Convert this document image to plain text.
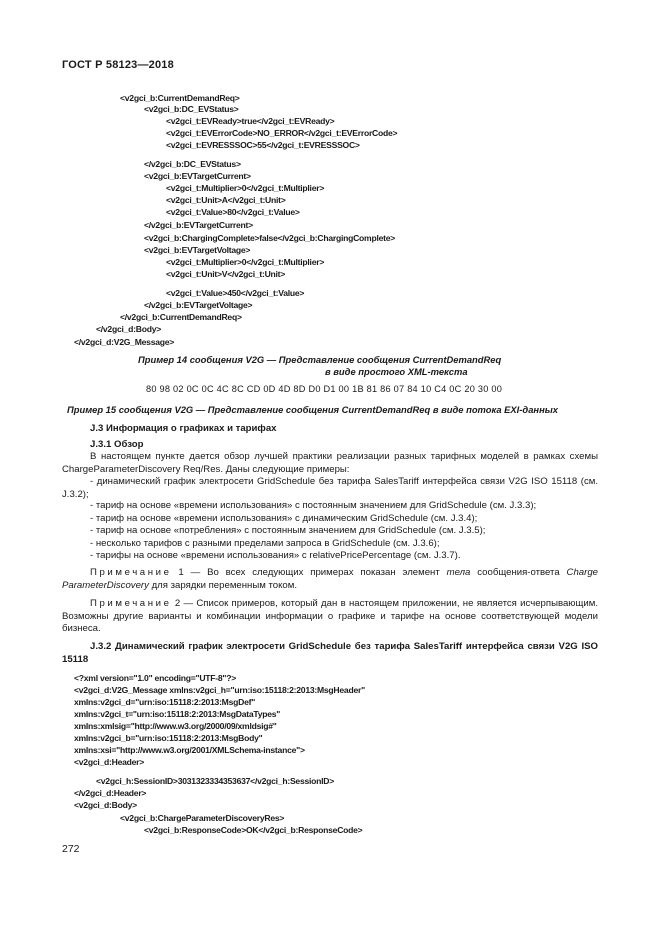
ГОСТ Р 58123—2018
<v2gci_b:CurrentDemandReq>
<v2gci_b:DC_EVStatus>
<v2gci_t:EVReady>true</v2gci_t:EVReady>
<v2gci_t:EVErrorCode>NO_ERROR</v2gci_t:EVErrorCode>
<v2gci_t:EVRESSSOC>55</v2gci_t:EVRESSSOC>
</v2gci_b:DC_EVStatus>
<v2gci_b:EVTargetCurrent>
<v2gci_t:Multiplier>0</v2gci_t:Multiplier>
<v2gci_t:Unit>A</v2gci_t:Unit>
<v2gci_t:Value>80</v2gci_t:Value>
</v2gci_b:EVTargetCurrent>
<v2gci_b:ChargingComplete>false</v2gci_b:ChargingComplete>
<v2gci_b:EVTargetVoltage>
<v2gci_t:Multiplier>0</v2gci_t:Multiplier>
<v2gci_t:Unit>V</v2gci_t:Unit>
<v2gci_t:Value>450</v2gci_t:Value>
</v2gci_b:EVTargetVoltage>
</v2gci_b:CurrentDemandReq>
</v2gci_d:Body>
</v2gci_d:V2G_Message>
Пример 14 сообщения V2G — Представление сообщения CurrentDemandReq
в виде простого XML-текста
80 98 02 0C 0C 4C 8C CD 0D 4D 8D D0 D1 00 1B 81 86 07 84 10 C4 0C 20 30 00
Пример 15 сообщения V2G — Представление сообщения CurrentDemandReq в виде потока EXI-данных
J.3 Информация о графиках и тарифах
J.3.1 Обзор
В настоящем пункте дается обзор лучшей практики реализации разных тарифных моделей в рамках схемы ChargeParameterDiscovery Req/Res. Даны следующие примеры:
- динамический график электросети GridSchedule без тарифа SalesTariff интерфейса связи V2G ISO 15118 (см. J.3.2);
- тариф на основе «времени использования» с постоянным значением для GridSchedule (см. J.3.3);
- тариф на основе «времени использования» с динамическим GridSchedule (см. J.3.4);
- тариф на основе «потребления» с постоянным значением для GridSchedule (см. J.3.5);
- несколько тарифов с разными пределами запроса в GridSchedule (см. J.3.6);
- тарифы на основе «времени использования» с relativePricePercentage (см. J.3.7).
Примечание 1 — Во всех следующих примерах показан элемент тела сообщения-ответа Charge ParameterDiscovery для зарядки переменным током.
Примечание 2 — Список примеров, который дан в настоящем приложении, не является исчерпывающим. Возможны другие варианты и комбинации информации о графике и тарифе на основе соответствующей модели бизнеса.
J.3.2 Динамический график электросети GridSchedule без тарифа SalesTariff интерфейса связи V2G ISO 15118
<?xml version="1.0" encoding="UTF-8"?>
<v2gci_d:V2G_Message xmlns:v2gci_h="urn:iso:15118:2:2013:MsgHeader"
xmlns:v2gci_d="urn:iso:15118:2:2013:MsgDef"
xmlns:v2gci_t="urn:iso:15118:2:2013:MsgDataTypes"
xmlns:xmlsig="http://www.w3.org/2000/09/xmldsig#"
xmlns:v2gci_b="urn:iso:15118:2:2013:MsgBody"
xmlns:xsi="http://www.w3.org/2001/XMLSchema-instance">
<v2gci_d:Header>
<v2gci_h:SessionID>3031323334353637</v2gci_h:SessionID>
</v2gci_d:Header>
<v2gci_d:Body>
<v2gci_b:ChargeParameterDiscoveryRes>
<v2gci_b:ResponseCode>OK</v2gci_b:ResponseCode>
272
